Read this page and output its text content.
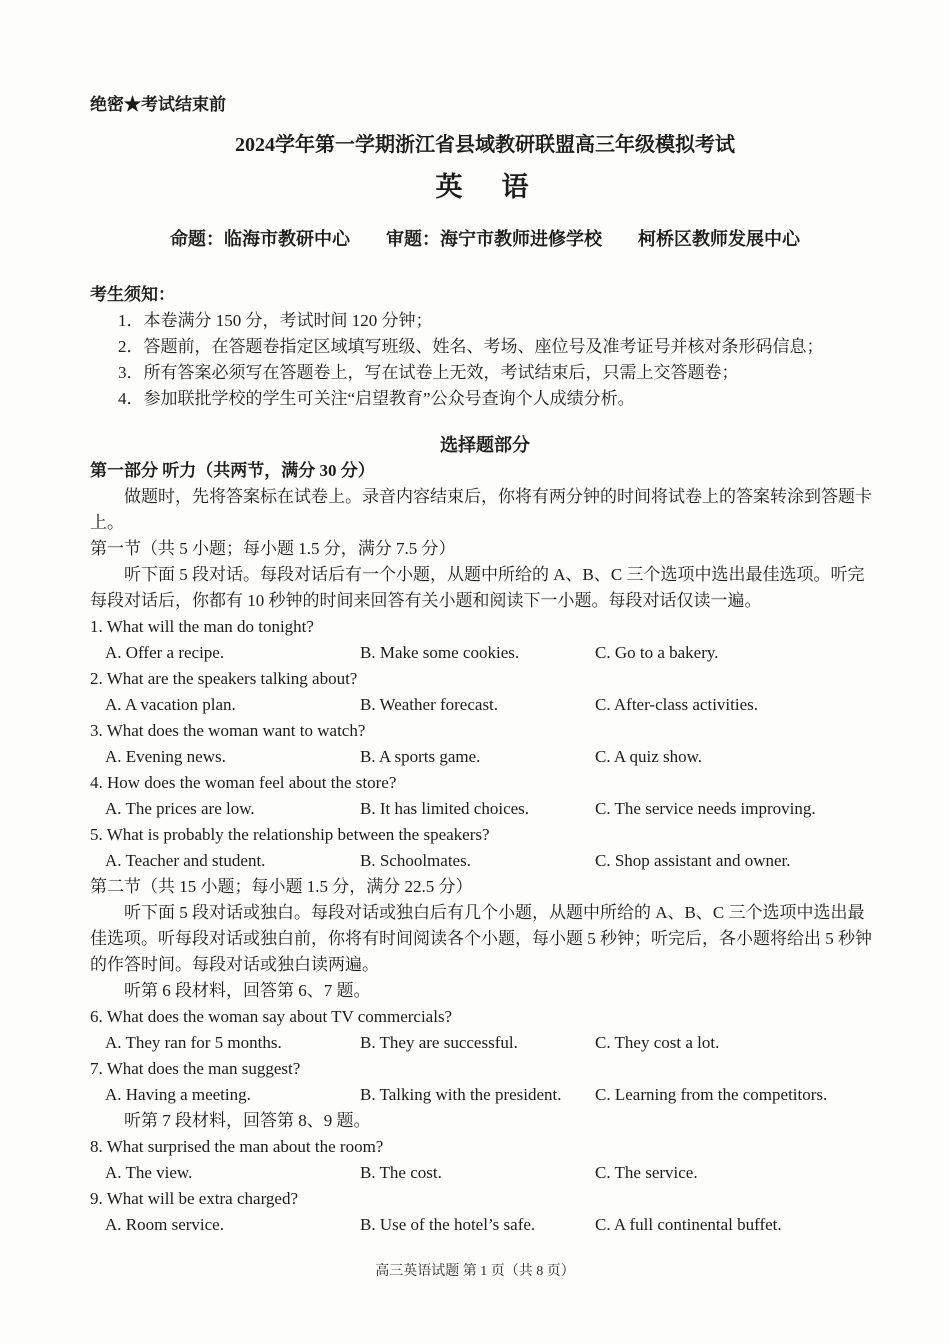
绝密★考试结束前
2024学年第一学期浙江省县域教研联盟高三年级模拟考试
英　语
命题：临海市教研中心　　审题：海宁市教师进修学校　　柯桥区教师发展中心
考生须知：
1．本卷满分 150 分，考试时间 120 分钟；
2．答题前，在答题卷指定区域填写班级、姓名、考场、座位号及准考证号并核对条形码信息；
3．所有答案必须写在答题卷上，写在试卷上无效，考试结束后，只需上交答题卷；
4．参加联批学校的学生可关注“启望教育”公众号查询个人成绩分析。
选择题部分
第一部分 听力（共两节，满分 30 分）
做题时，先将答案标在试卷上。录音内容结束后，你将有两分钟的时间将试卷上的答案转涂到答题卡上。
第一节（共 5 小题；每小题 1.5 分，满分 7.5 分）
听下面 5 段对话。每段对话后有一个小题，从题中所给的 A、B、C 三个选项中选出最佳选项。听完每段对话后，你都有 10 秒钟的时间来回答有关小题和阅读下一小题。每段对话仅读一遍。
1. What will the man do tonight?
A. Offer a recipe.	B. Make some cookies.	C. Go to a bakery.
2. What are the speakers talking about?
A. A vacation plan.	B. Weather forecast.	C. After-class activities.
3. What does the woman want to watch?
A. Evening news.	B. A sports game.	C. A quiz show.
4. How does the woman feel about the store?
A. The prices are low.	B. It has limited choices.	C. The service needs improving.
5. What is probably the relationship between the speakers?
A. Teacher and student.	B. Schoolmates.	C. Shop assistant and owner.
第二节（共 15 小题；每小题 1.5 分，满分 22.5 分）
听下面 5 段对话或独白。每段对话或独白后有几个小题，从题中所给的 A、B、C 三个选项中选出最佳选项。听每段对话或独白前，你将有时间阅读各个小题，每小题 5 秒钟；听完后，各小题将给出 5 秒钟的作答时间。每段对话或独白读两遍。
听第 6 段材料，回答第 6、7 题。
6. What does the woman say about TV commercials?
A. They ran for 5 months.	B. They are successful.	C. They cost a lot.
7. What does the man suggest?
A. Having a meeting.	B. Talking with the president.	C. Learning from the competitors.
听第 7 段材料，回答第 8、9 题。
8. What surprised the man about the room?
A. The view.	B. The cost.	C. The service.
9. What will be extra charged?
A. Room service.	B. Use of the hotel’s safe.	C. A full continental buffet.
高三英语试题 第 1 页（共 8 页）
